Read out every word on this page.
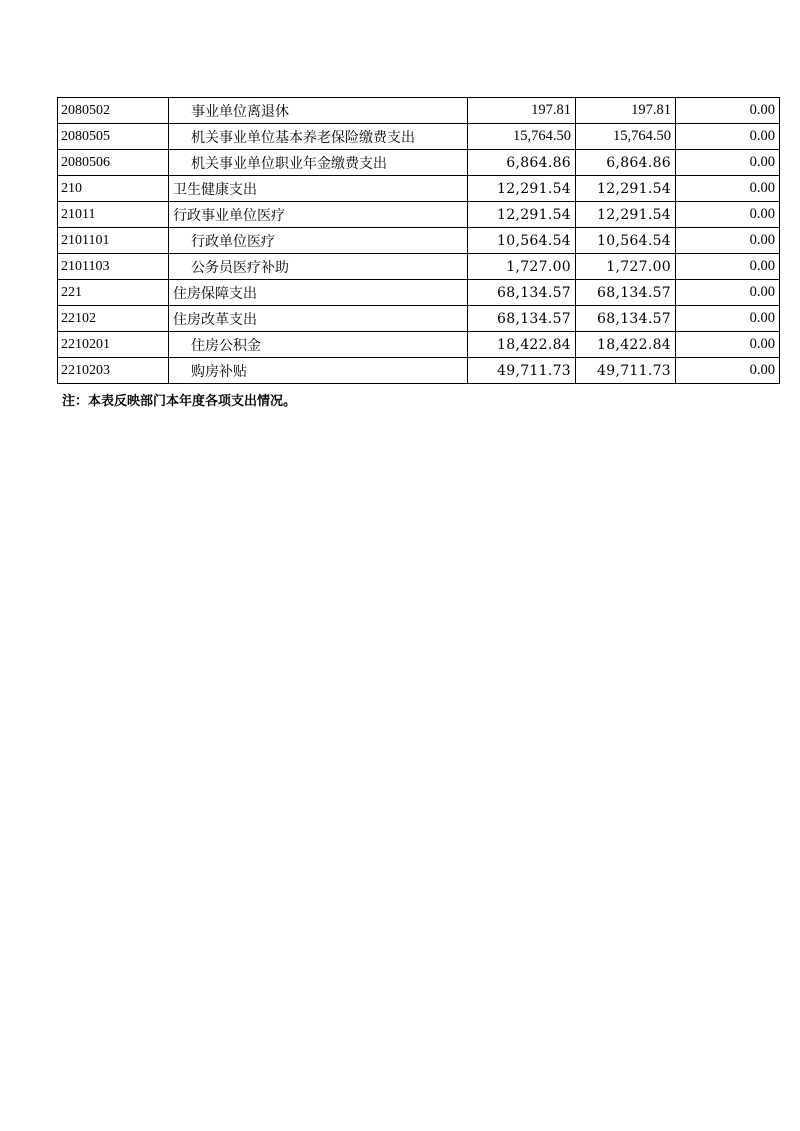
2080502	事业单位离退休	197.81	197.81	0.00
2080505	机关事业单位基本养老保险缴费支出	15,764.50	15,764.50	0.00
2080506	机关事业单位职业年金缴费支出	6,864.86	6,864.86	0.00
210	卫生健康支出	12,291.54	12,291.54	0.00
21011	行政事业单位医疗	12,291.54	12,291.54	0.00
2101101	行政单位医疗	10,564.54	10,564.54	0.00
2101103	公务员医疗补助	1,727.00	1,727.00	0.00
221	住房保障支出	68,134.57	68,134.57	0.00
22102	住房改革支出	68,134.57	68,134.57	0.00
2210201	住房公积金	18,422.84	18,422.84	0.00
2210203	购房补贴	49,711.73	49,711.73	0.00
注：本表反映部门本年度各项支出情况。
